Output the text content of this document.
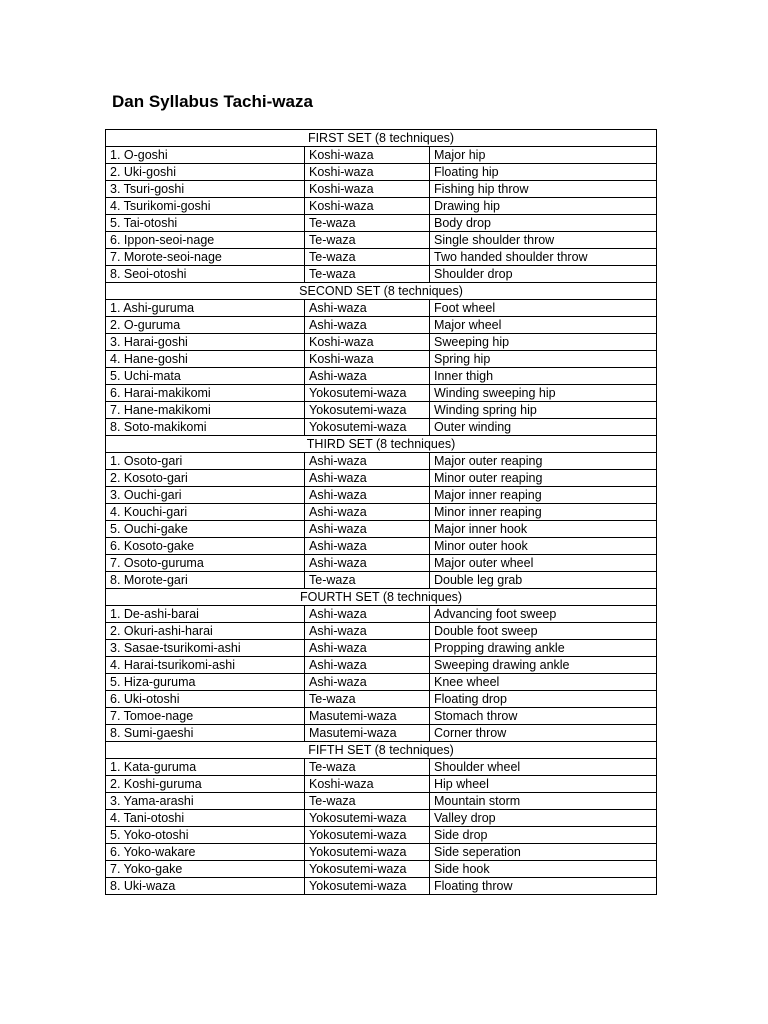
Dan Syllabus Tachi-waza
FIRST SET (8 techniques)		
1. O-goshi	Koshi-waza	Major hip
2. Uki-goshi	Koshi-waza	Floating hip
3. Tsuri-goshi	Koshi-waza	Fishing hip throw
4. Tsurikomi-goshi	Koshi-waza	Drawing hip
5. Tai-otoshi	Te-waza	Body drop
6. Ippon-seoi-nage	Te-waza	Single shoulder throw
7. Morote-seoi-nage	Te-waza	Two handed shoulder throw
8. Seoi-otoshi	Te-waza	Shoulder drop
SECOND SET (8 techniques)		
1. Ashi-guruma	Ashi-waza	Foot wheel
2. O-guruma	Ashi-waza	Major wheel
3. Harai-goshi	Koshi-waza	Sweeping hip
4. Hane-goshi	Koshi-waza	Spring hip
5. Uchi-mata	Ashi-waza	Inner thigh
6. Harai-makikomi	Yokosutemi-waza	Winding sweeping hip
7. Hane-makikomi	Yokosutemi-waza	Winding spring hip
8. Soto-makikomi	Yokosutemi-waza	Outer winding
THIRD SET (8 techniques)		
1. Osoto-gari	Ashi-waza	Major outer reaping
2. Kosoto-gari	Ashi-waza	Minor outer reaping
3. Ouchi-gari	Ashi-waza	Major inner reaping
4. Kouchi-gari	Ashi-waza	Minor inner reaping
5. Ouchi-gake	Ashi-waza	Major inner hook
6. Kosoto-gake	Ashi-waza	Minor outer hook
7. Osoto-guruma	Ashi-waza	Major outer wheel
8. Morote-gari	Te-waza	Double leg grab
FOURTH SET (8 techniques)		
1. De-ashi-barai	Ashi-waza	Advancing foot sweep
2. Okuri-ashi-harai	Ashi-waza	Double foot sweep
3. Sasae-tsurikomi-ashi	Ashi-waza	Propping drawing ankle
4. Harai-tsurikomi-ashi	Ashi-waza	Sweeping drawing ankle
5. Hiza-guruma	Ashi-waza	Knee wheel
6. Uki-otoshi	Te-waza	Floating drop
7. Tomoe-nage	Masutemi-waza	Stomach throw
8. Sumi-gaeshi	Masutemi-waza	Corner throw
FIFTH SET (8 techniques)		
1. Kata-guruma	Te-waza	Shoulder wheel
2. Koshi-guruma	Koshi-waza	Hip wheel
3. Yama-arashi	Te-waza	Mountain storm
4. Tani-otoshi	Yokosutemi-waza	Valley drop
5. Yoko-otoshi	Yokosutemi-waza	Side drop
6. Yoko-wakare	Yokosutemi-waza	Side seperation
7. Yoko-gake	Yokosutemi-waza	Side hook
8. Uki-waza	Yokosutemi-waza	Floating throw
